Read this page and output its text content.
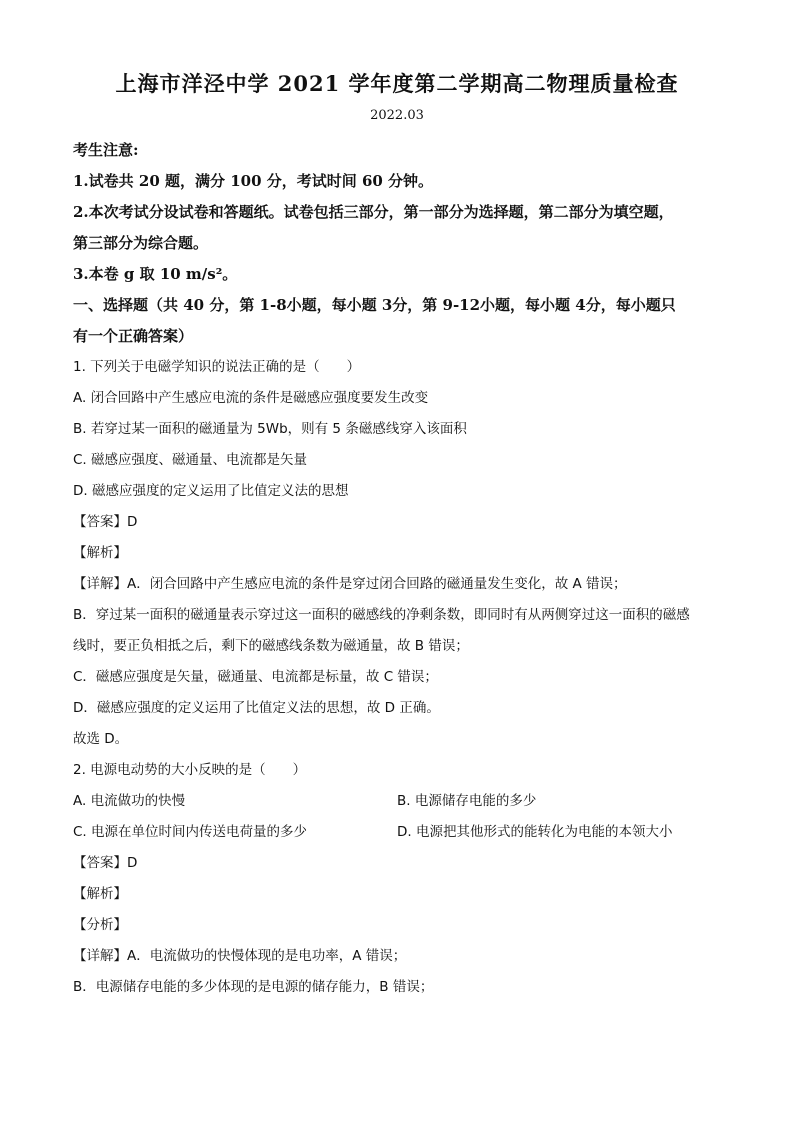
上海市洋泾中学 2021 学年度第二学期高二物理质量检查
2022.03
考生注意:
1.试卷共 20 题，满分 100 分，考试时间 60 分钟。
2.本次考试分设试卷和答题纸。试卷包括三部分，第一部分为选择题，第二部分为填空题，
第三部分为综合题。
3.本卷 g 取 10 m/s²。
一、选择题（共 40 分，第 1-8小题，每小题 3分，第 9-12小题，每小题 4分，每小题只
有一个正确答案）
1. 下列关于电磁学知识的说法正确的是（　　）
A. 闭合回路中产生感应电流的条件是磁感应强度要发生改变
B. 若穿过某一面积的磁通量为 5Wb，则有 5 条磁感线穿入该面积
C. 磁感应强度、磁通量、电流都是矢量
D. 磁感应强度的定义运用了比值定义法的思想
【答案】D
【解析】
【详解】A．闭合回路中产生感应电流的条件是穿过闭合回路的磁通量发生变化，故 A 错误；
B．穿过某一面积的磁通量表示穿过这一面积的磁感线的净剩条数，即同时有从两侧穿过这一面积的磁感
线时，要正负相抵之后，剩下的磁感线条数为磁通量，故 B 错误；
C．磁感应强度是矢量，磁通量、电流都是标量，故 C 错误；
D．磁感应强度的定义运用了比值定义法的思想，故 D 正确。
故选 D。
2. 电源电动势的大小反映的是（　　）
A. 电流做功的快慢	B. 电源储存电能的多少
C. 电源在单位时间内传送电荷量的多少	D. 电源把其他形式的能转化为电能的本领大小
【答案】D
【解析】
【分析】
【详解】A．电流做功的快慢体现的是电功率，A 错误；
B．电源储存电能的多少体现的是电源的储存能力，B 错误；
